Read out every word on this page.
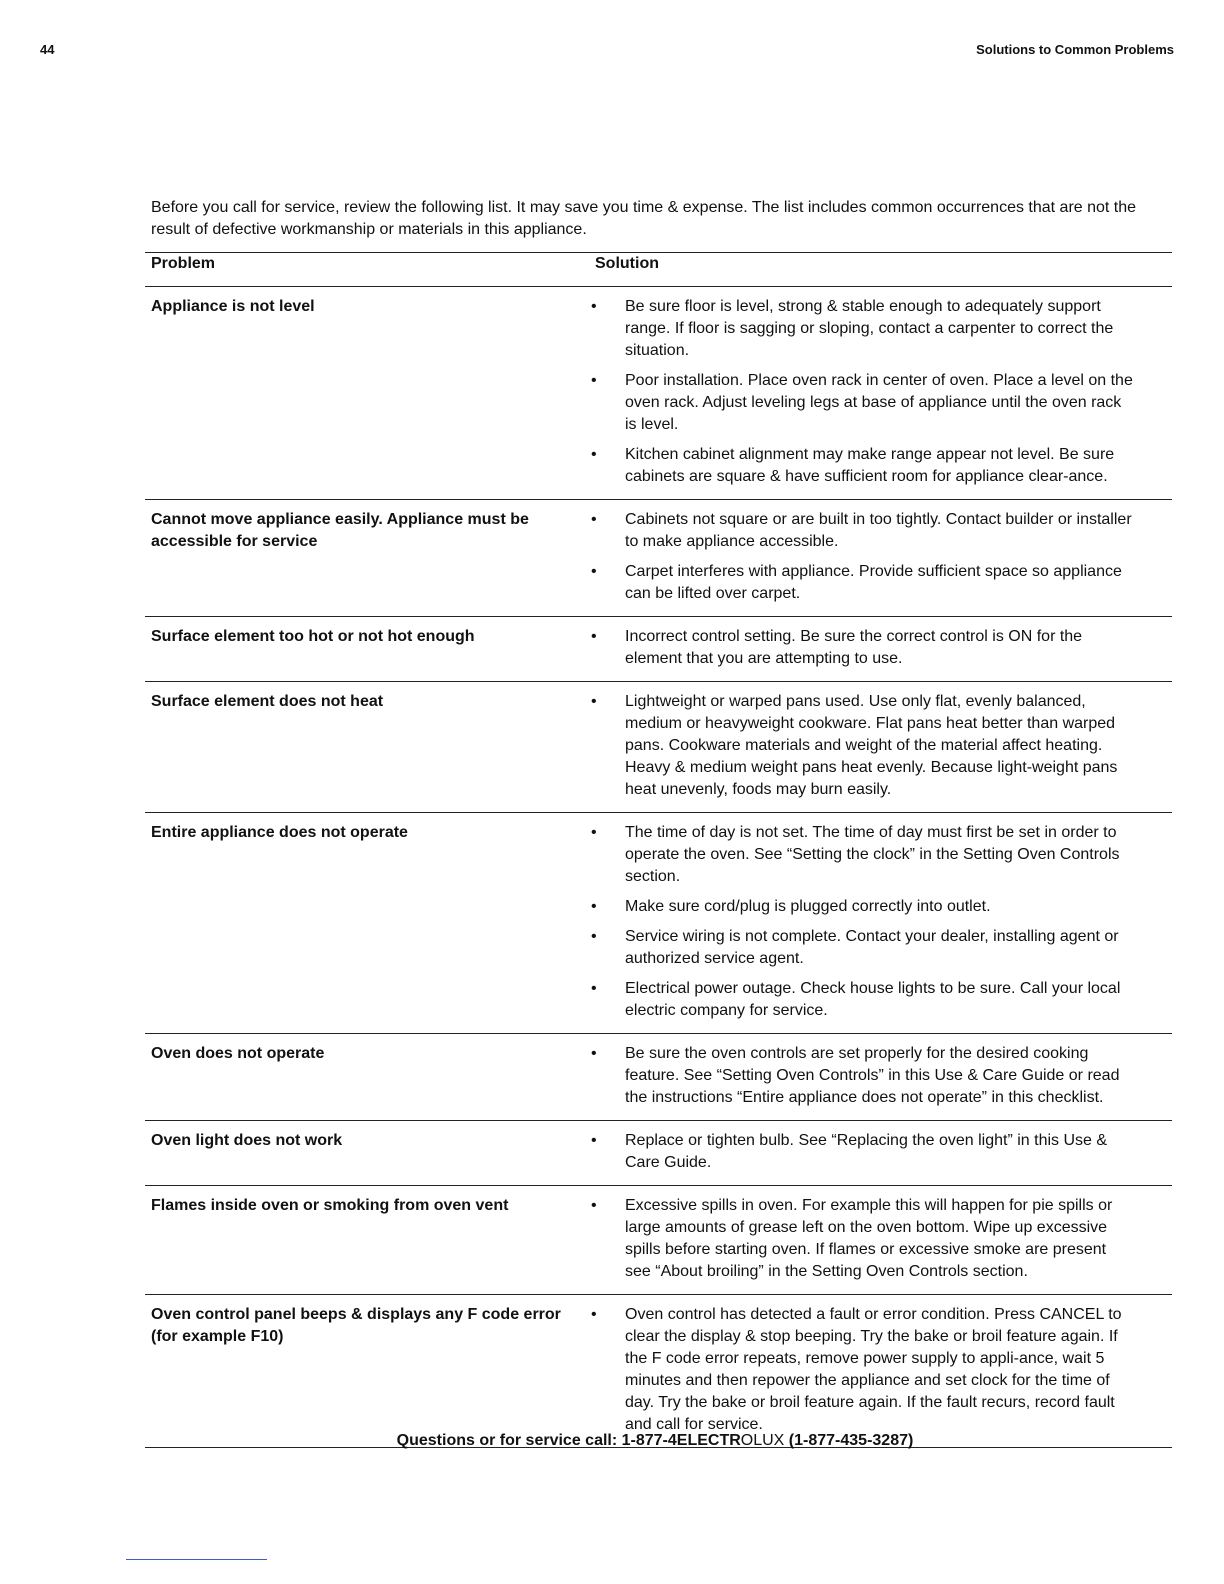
44	Solutions to Common Problems

Before you call for service, review the following list. It may save you time & expense. The list includes common occurrences that are not the result of defective workmanship or materials in this appliance.

Problem	Solution
Appliance is not level	• Be sure floor is level, strong & stable enough to adequately support range. If floor is sagging or sloping, contact a carpenter to correct the situation.
• Poor installation. Place oven rack in center of oven. Place a level on the oven rack. Adjust leveling legs at base of appliance until the oven rack is level.
• Kitchen cabinet alignment may make range appear not level. Be sure cabinets are square & have sufficient room for appliance clear-ance.
Cannot move appliance easily. Appliance must be accessible for service
• Cabinets not square or are built in too tightly. Contact builder or installer to make appliance accessible.
• Carpet interferes with appliance. Provide sufficient space so appliance can be lifted over carpet.
Surface element too hot or not hot enough	• Incorrect control setting. Be sure the correct control is ON for the element that you are attempting to use.
Surface element does not heat	• Lightweight or warped pans used. Use only flat, evenly balanced, medium or heavyweight cookware. Flat pans heat better than warped pans. Cookware materials and weight of the material affect heating. Heavy & medium weight pans heat evenly. Because light-weight pans heat unevenly, foods may burn easily.
Entire appliance does not operate	• The time of day is not set. The time of day must first be set in order to operate the oven. See “Setting the clock” in the Setting Oven Controls section.
• Make sure cord/plug is plugged correctly into outlet.
• Service wiring is not complete. Contact your dealer, installing agent or authorized service agent.
• Electrical power outage. Check house lights to be sure. Call your local electric company for service.
Oven does not operate	• Be sure the oven controls are set properly for the desired cooking feature. See “Setting Oven Controls” in this Use & Care Guide or read the instructions “Entire appliance does not operate” in this checklist.
Oven light does not work	• Replace or tighten bulb. See “Replacing the oven light” in this Use & Care Guide.
Flames inside oven or smoking from oven vent	• Excessive spills in oven. For example this will happen for pie spills or large amounts of grease left on the oven bottom. Wipe up excessive spills before starting oven. If flames or excessive smoke are present see “About broiling” in the Setting Oven Controls section.
Oven control panel beeps & displays any F code error (for example F10)
• Oven control has detected a fault or error condition. Press CANCEL to clear the display & stop beeping. Try the bake or broil feature again. If the F code error repeats, remove power supply to appli-ance, wait 5 minutes and then repower the appliance and set clock for the time of day. Try the bake or broil feature again. If the fault recurs, record fault and call for service.
Questions or for service call: 1-877-4ELECTROLUX (1-877-435-3287)
